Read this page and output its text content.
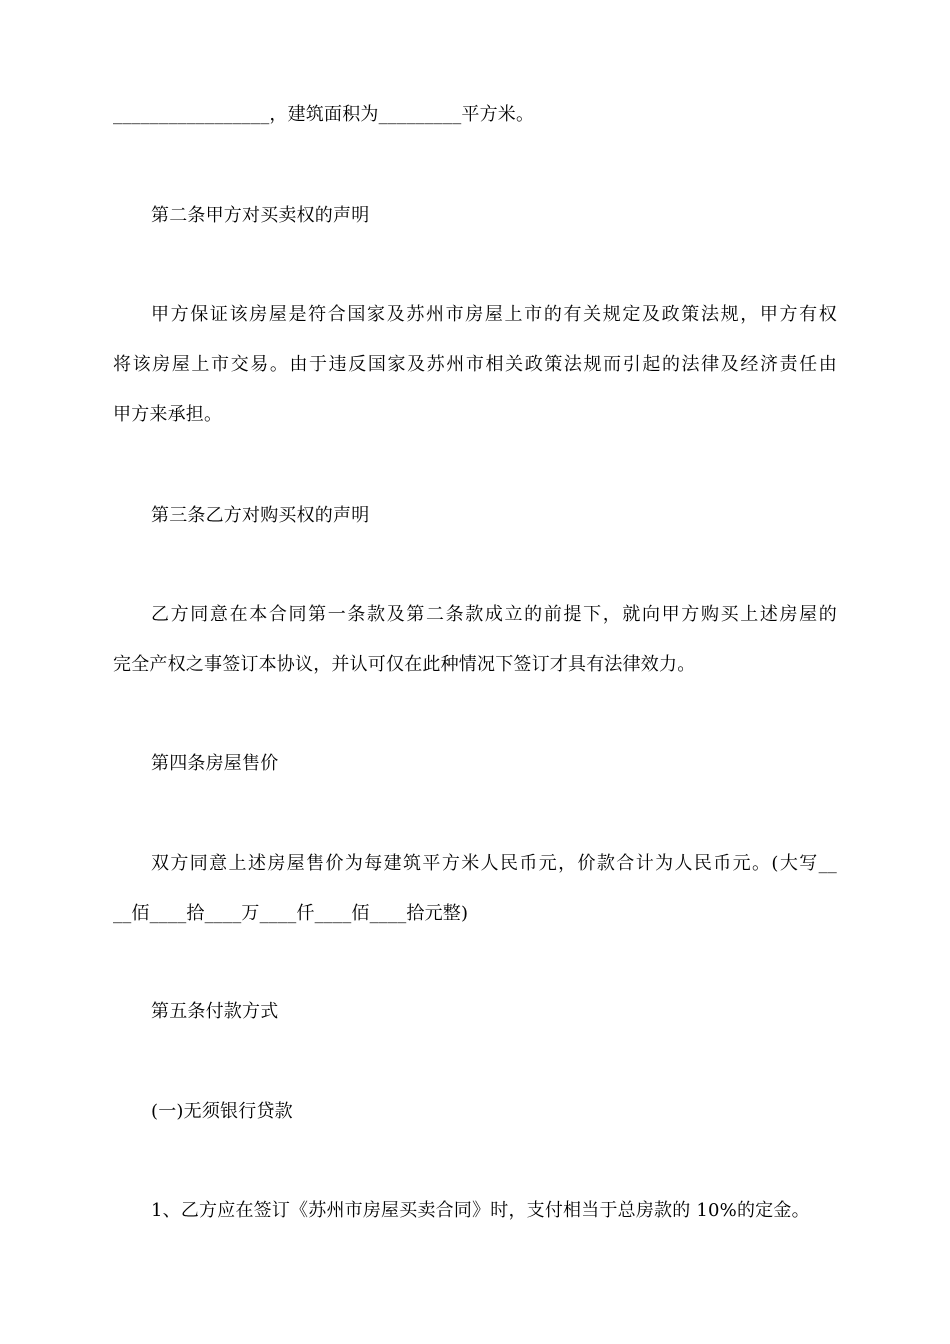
_________________，建筑面积为_________平方米。
第二条甲方对买卖权的声明
甲方保证该房屋是符合国家及苏州市房屋上市的有关规定及政策法规，甲方有权
将该房屋上市交易。由于违反国家及苏州市相关政策法规而引起的法律及经济责任由
甲方来承担。
第三条乙方对购买权的声明
乙方同意在本合同第一条款及第二条款成立的前提下，就向甲方购买上述房屋的
完全产权之事签订本协议，并认可仅在此种情况下签订才具有法律效力。
第四条房屋售价
双方同意上述房屋售价为每建筑平方米人民币元，价款合计为人民币元。(大写__
__佰____拾____万____仟____佰____拾元整)
第五条付款方式
(一)无须银行贷款
1、乙方应在签订《苏州市房屋买卖合同》时，支付相当于总房款的 10%的定金。
